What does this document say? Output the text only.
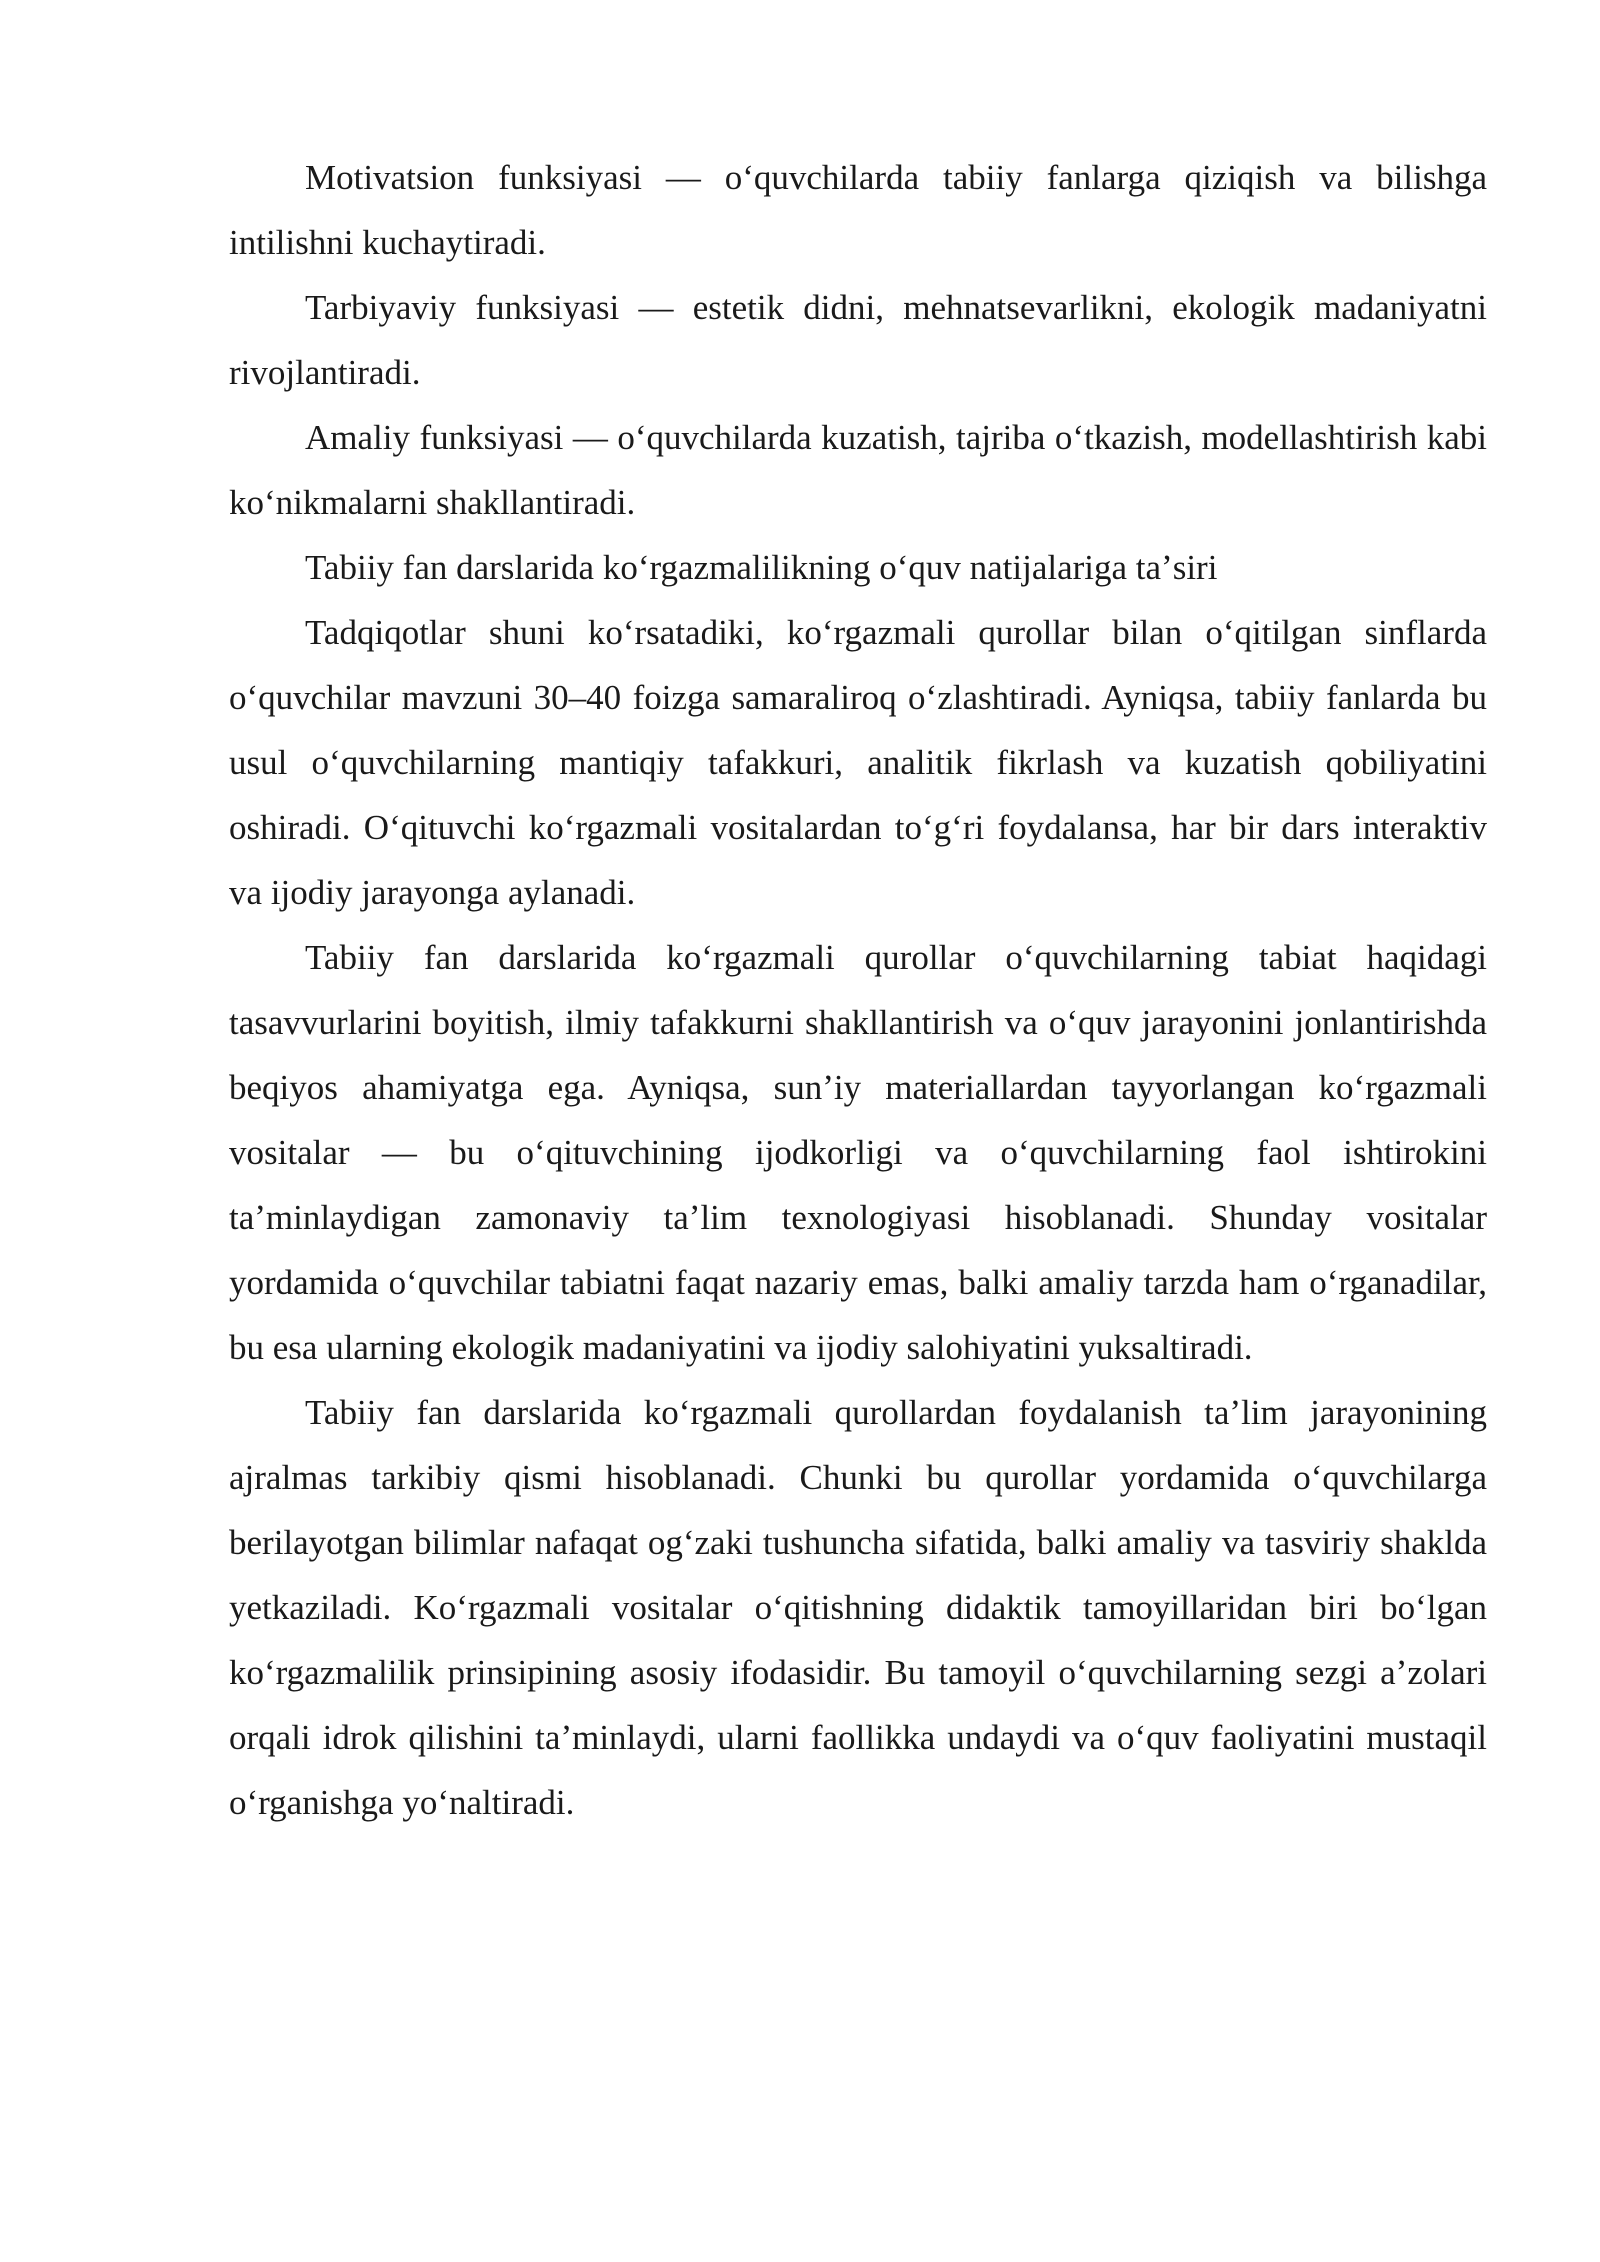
Motivatsion funksiyasi — oʻquvchilarda tabiiy fanlarga qiziqish va bilishga intilishni kuchaytiradi.

Tarbiyaviy funksiyasi — estetik didni, mehnatsevarlikni, ekologik madaniyatni rivojlantiradi.

Amaliy funksiyasi — oʻquvchilarda kuzatish, tajriba oʻtkazish, modellashtirish kabi koʻnikmalarni shakllantiradi.

Tabiiy fan darslarida koʻrgazmalilikning oʻquv natijalariga taʼsiri

Tadqiqotlar shuni koʻrsatadiki, koʻrgazmali qurollar bilan oʻqitilgan sinflarda oʻquvchilar mavzuni 30–40 foizga samaraliroq oʻzlashtiradi. Ayniqsa, tabiiy fanlarda bu usul oʻquvchilarning mantiqiy tafakkuri, analitik fikrlash va kuzatish qobiliyatini oshiradi. Oʻqituvchi koʻrgazmali vositalardan toʻgʻri foydalansa, har bir dars interaktiv va ijodiy jarayonga aylanadi.

Tabiiy fan darslarida koʻrgazmali qurollar oʻquvchilarning tabiat haqidagi tasavvurlarini boyitish, ilmiy tafakkurni shakllantirish va oʻquv jarayonini jonlantirishda beqiyos ahamiyatga ega. Ayniqsa, sunʼiy materiallardan tayyorlangan koʻrgazmali vositalar — bu oʻqituvchining ijodkorligi va oʻquvchilarning faol ishtirokini taʼminlaydigan zamonaviy taʼlim texnologiyasi hisoblanadi. Shunday vositalar yordamida oʻquvchilar tabiatni faqat nazariy emas, balki amaliy tarzda ham oʻrganadilar, bu esa ularning ekologik madaniyatini va ijodiy salohiyatini yuksaltiradi.

Tabiiy fan darslarida koʻrgazmali qurollardan foydalanish taʼlim jarayonining ajralmas tarkibiy qismi hisoblanadi. Chunki bu qurollar yordamida oʻquvchilarga berilayotgan bilimlar nafaqat ogʻzaki tushuncha sifatida, balki amaliy va tasviriy shaklda yetkaziladi. Koʻrgazmali vositalar oʻqitishning didaktik tamoyillaridan biri boʻlgan koʻrgazmalilik prinsipining asosiy ifodasidir. Bu tamoyil oʻquvchilarning sezgi aʼzolari orqali idrok qilishini taʼminlaydi, ularni faollikka undaydi va oʻquv faoliyatini mustaqil oʻrganishga yoʻnaltiradi.
